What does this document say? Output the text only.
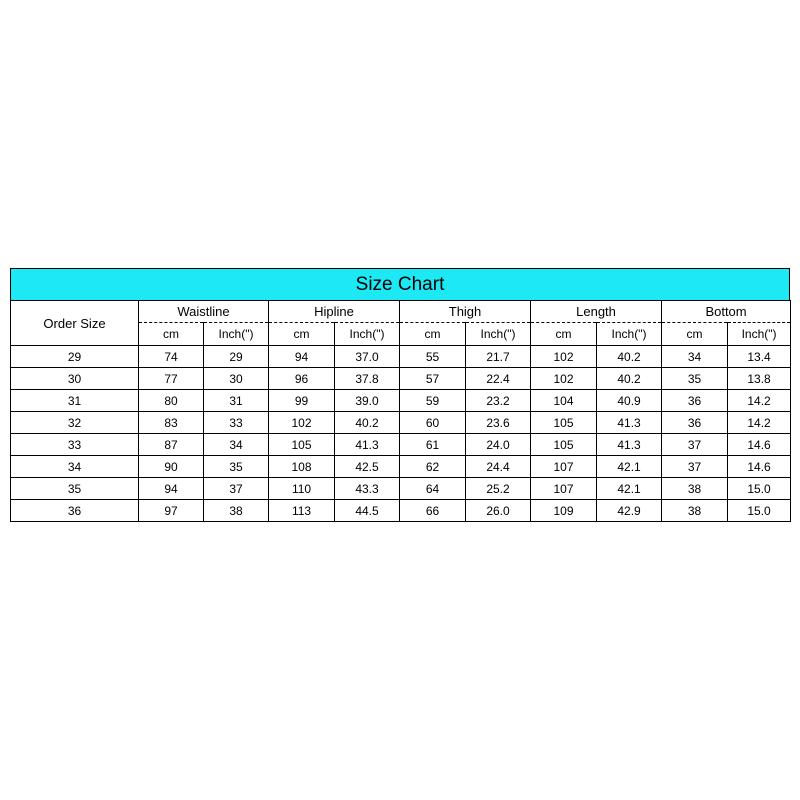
Size Chart
Order Size	Waistline		Hipline		Thigh		Length		Bottom	
	cm	Inch(")	cm	Inch(")	cm	Inch(")	cm	Inch(")	cm	Inch(")
29	74	29	94	37.0	55	21.7	102	40.2	34	13.4
30	77	30	96	37.8	57	22.4	102	40.2	35	13.8
31	80	31	99	39.0	59	23.2	104	40.9	36	14.2
32	83	33	102	40.2	60	23.6	105	41.3	36	14.2
33	87	34	105	41.3	61	24.0	105	41.3	37	14.6
34	90	35	108	42.5	62	24.4	107	42.1	37	14.6
35	94	37	110	43.3	64	25.2	107	42.1	38	15.0
36	97	38	113	44.5	66	26.0	109	42.9	38	15.0
